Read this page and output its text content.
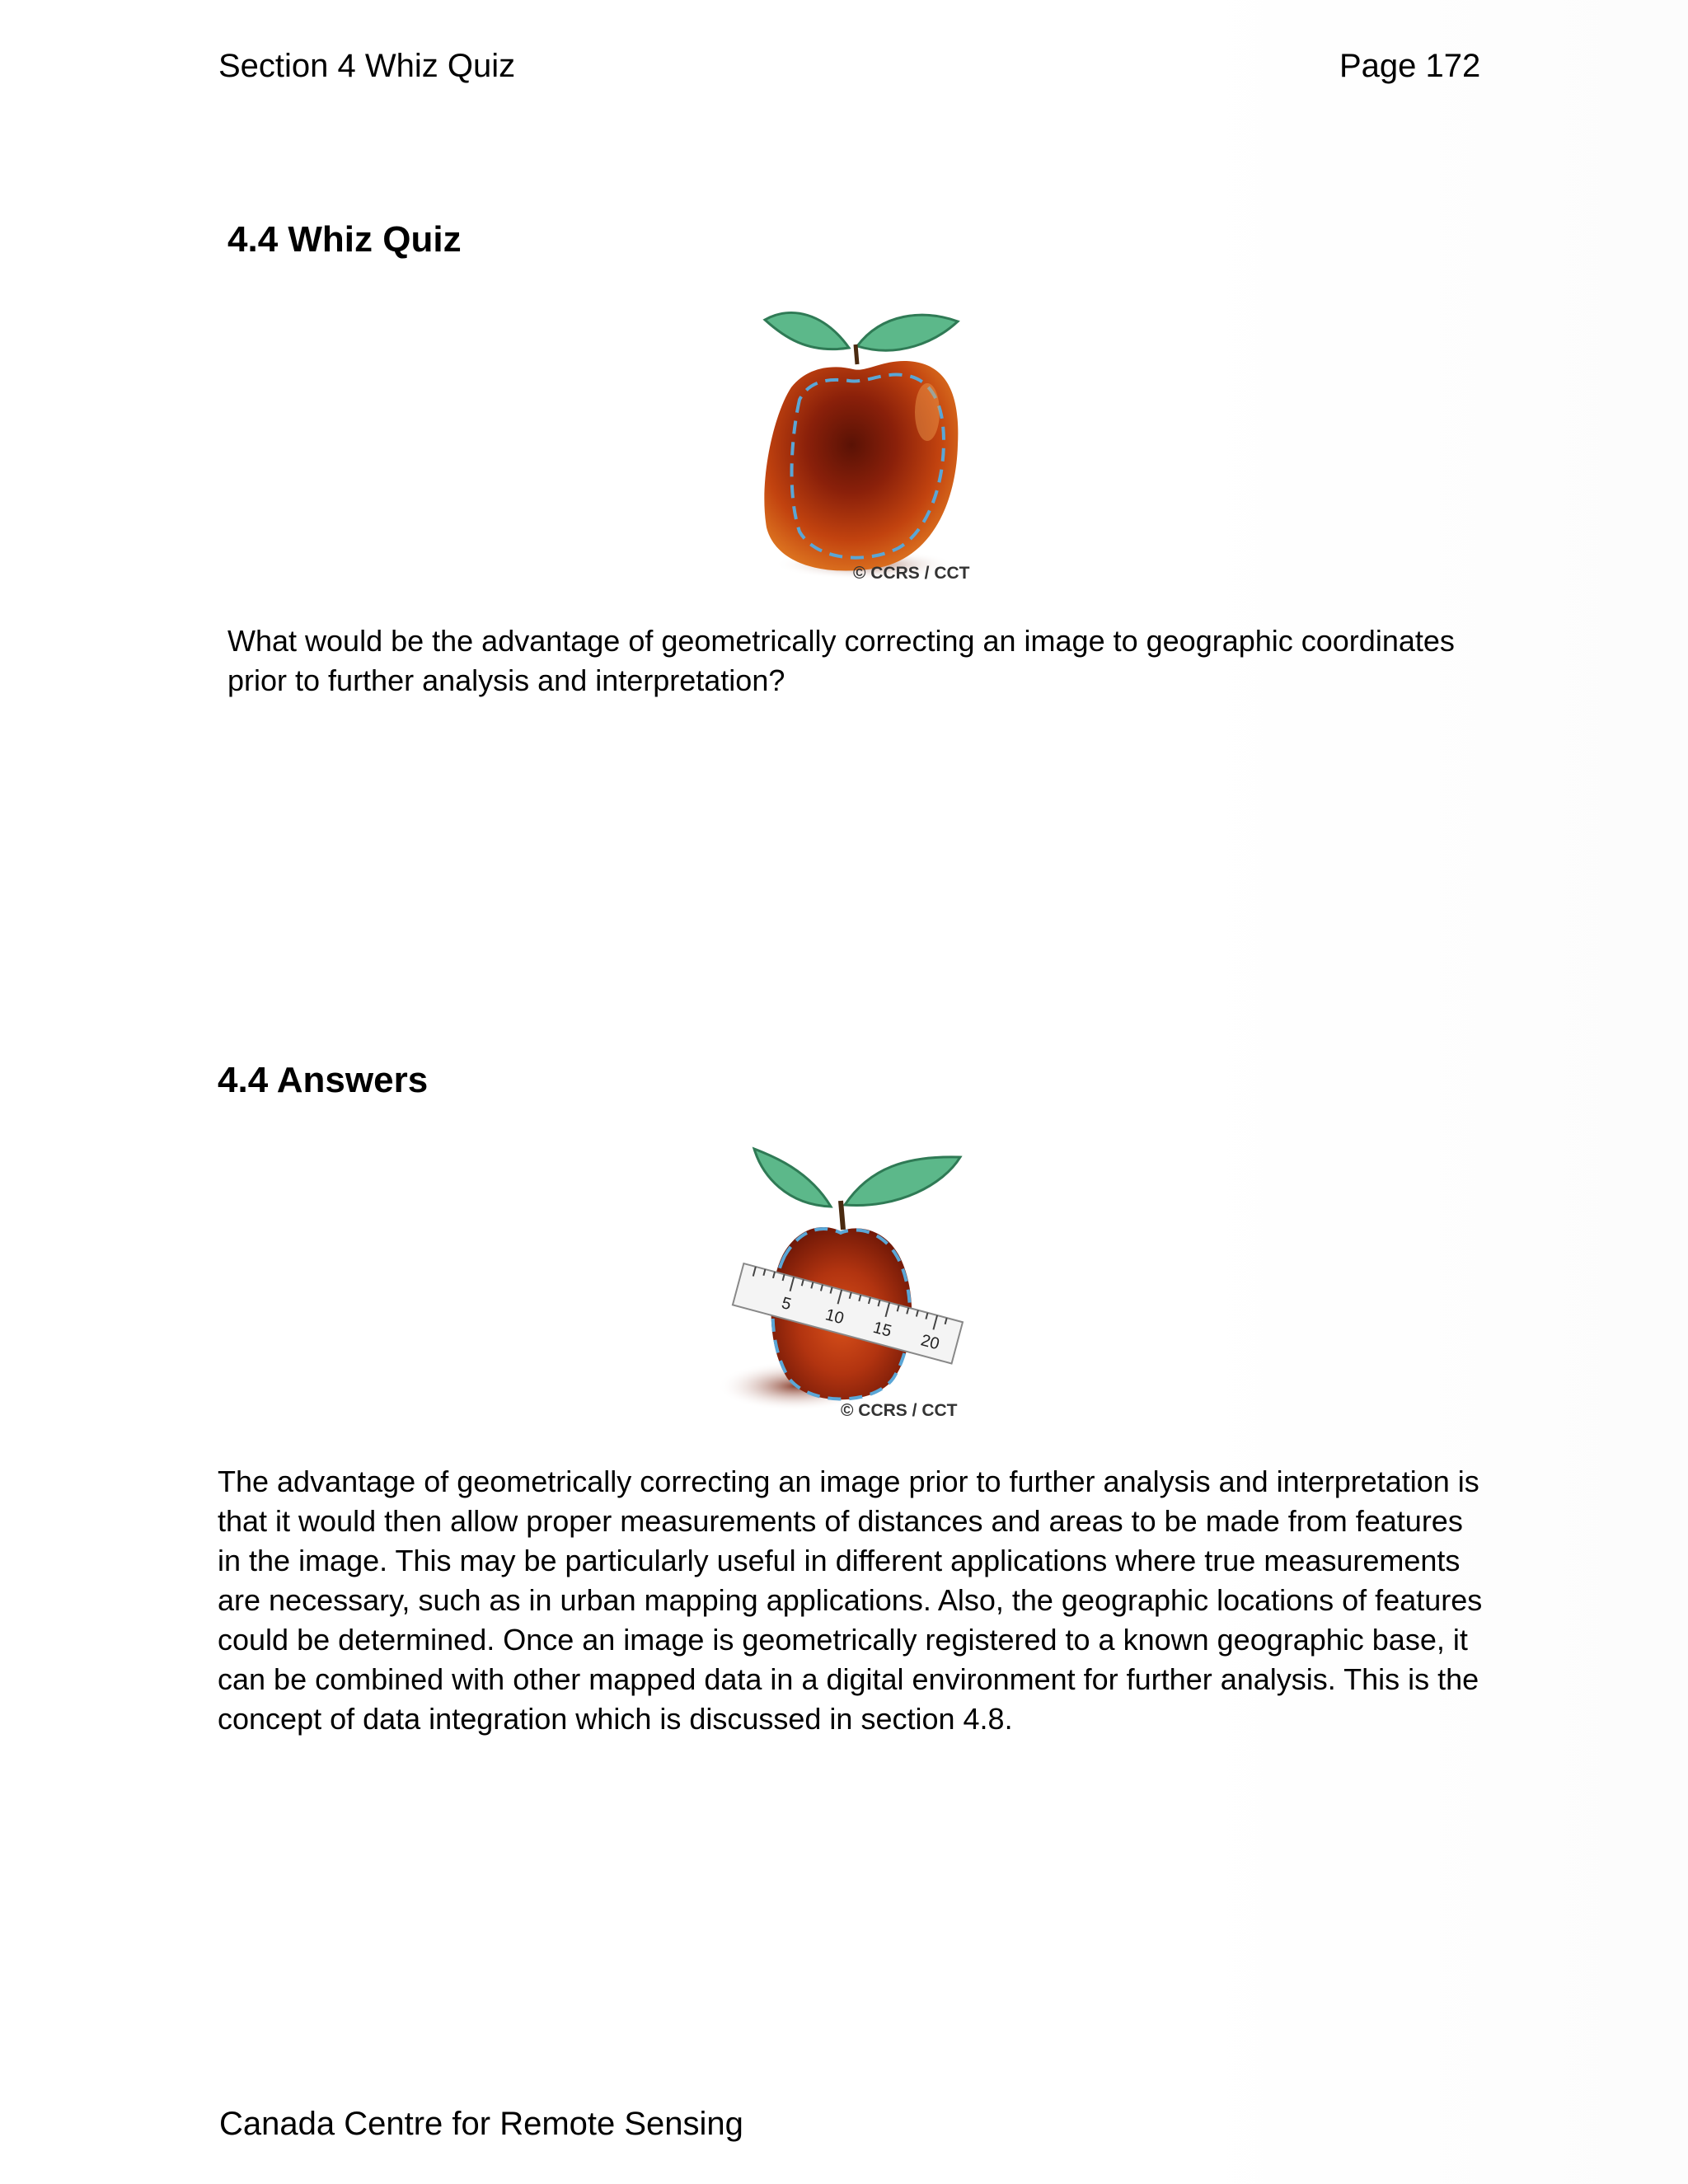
Section 4 Whiz Quiz	Page 172
4.4 Whiz Quiz
© CCRS / CCT
What would be the advantage of geometrically correcting an image to geographic coordinates prior to further analysis and interpretation?
4.4 Answers
5
10
15
20
© CCRS / CCT
The advantage of geometrically correcting an image prior to further analysis and interpretation is that it would then allow proper measurements of distances and areas to be made from features in the image. This may be particularly useful in different applications where true measurements are necessary, such as in urban mapping applications. Also, the geographic locations of features could be determined. Once an image is geometrically registered to a known geographic base, it can be combined with other mapped data in a digital environment for further analysis. This is the concept of data integration which is discussed in section 4.8.
Canada Centre for Remote Sensing
